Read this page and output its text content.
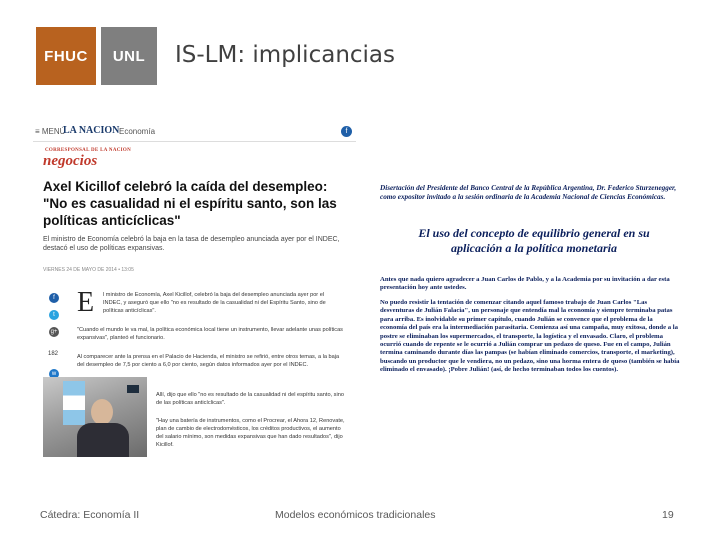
FHUC	UNL	IS-LM: implicancias
≡ MENÚ
LA NACION Economía	f
CORRESPONSAL DE LA NACION
negocios
Axel Kicillof celebró la caída del desempleo: "No es casualidad ni el espíritu santo, son las políticas anticíclicas"
El ministro de Economía celebró la baja en la tasa de desempleo anunciada ayer por el INDEC, destacó el uso de políticas expansivas.
VIERNES 24 DE MAYO DE 2014 • 13:05
f
t
g+
182
w
E l ministro de Economía, Axel Kicillof, celebró la baja del desempleo anunciada ayer por el INDEC, y aseguró que ello "no es resultado de la casualidad ni del Espíritu Santo, sino de políticas anticíclicas".
"Cuando el mundo le va mal, la política económica local tiene un instrumento, llevar adelante unas políticas expansivas", planteó el funcionario.
Al comparecer ante la prensa en el Palacio de Hacienda, el ministro se refirió, entre otros temas, a la baja del desempleo de 7,5 por ciento a 6,0 por ciento, según datos informados ayer por el INDEC.
Allí, dijo que ello "no es resultado de la casualidad ni del espíritu santo, sino de las políticas anticíclicas".
"Hay una batería de instrumentos, como el Procrear, el Ahora 12, Renovate, plan de cambio de electrodomésticos, los créditos productivos, el aumento del salario mínimo, son medidas expansivas que han dado resultados", dijo Kicillof.
Disertación del Presidente del Banco Central de la República Argentina, Dr. Federico Sturzenegger, como expositor invitado a la sesión ordinaria de la Academia Nacional de Ciencias Económicas.
El uso del concepto de equilibrio general en su aplicación a la política monetaria
Antes que nada quiero agradecer a Juan Carlos de Pablo, y a la Academia por su invitación a dar esta presentación hoy ante ustedes.
No puedo resistir la tentación de comenzar citando aquel famoso trabajo de Juan Carlos "Las desventuras de Julián Falacia", un personaje que entendía mal la economía y siempre terminaba patas para arriba. Es inolvidable su primer capítulo, cuando Julián se convence que el problema de la economía del país era la intermediación parasitaria. Comienza así una campaña, muy exitosa, donde a la postre se eliminaban los supermercados, el transporte, la logística y el envasado. Claro, el problema ocurrió cuando de repente se le ocurrió a Julián comprar un pedazo de queso. Fue en el campo, Julián termina caminando durante días las pampas (se habían eliminado comercios, transporte, el marketing), buscando un productor que le vendiera, no un pedazo, sino una horma entera de queso (también se había eliminado el envasado). ¡Pobre Julián! (así, de hecho terminaban todos los cuentos).
Cátedra: Economía II	Modelos económicos tradicionales	19
